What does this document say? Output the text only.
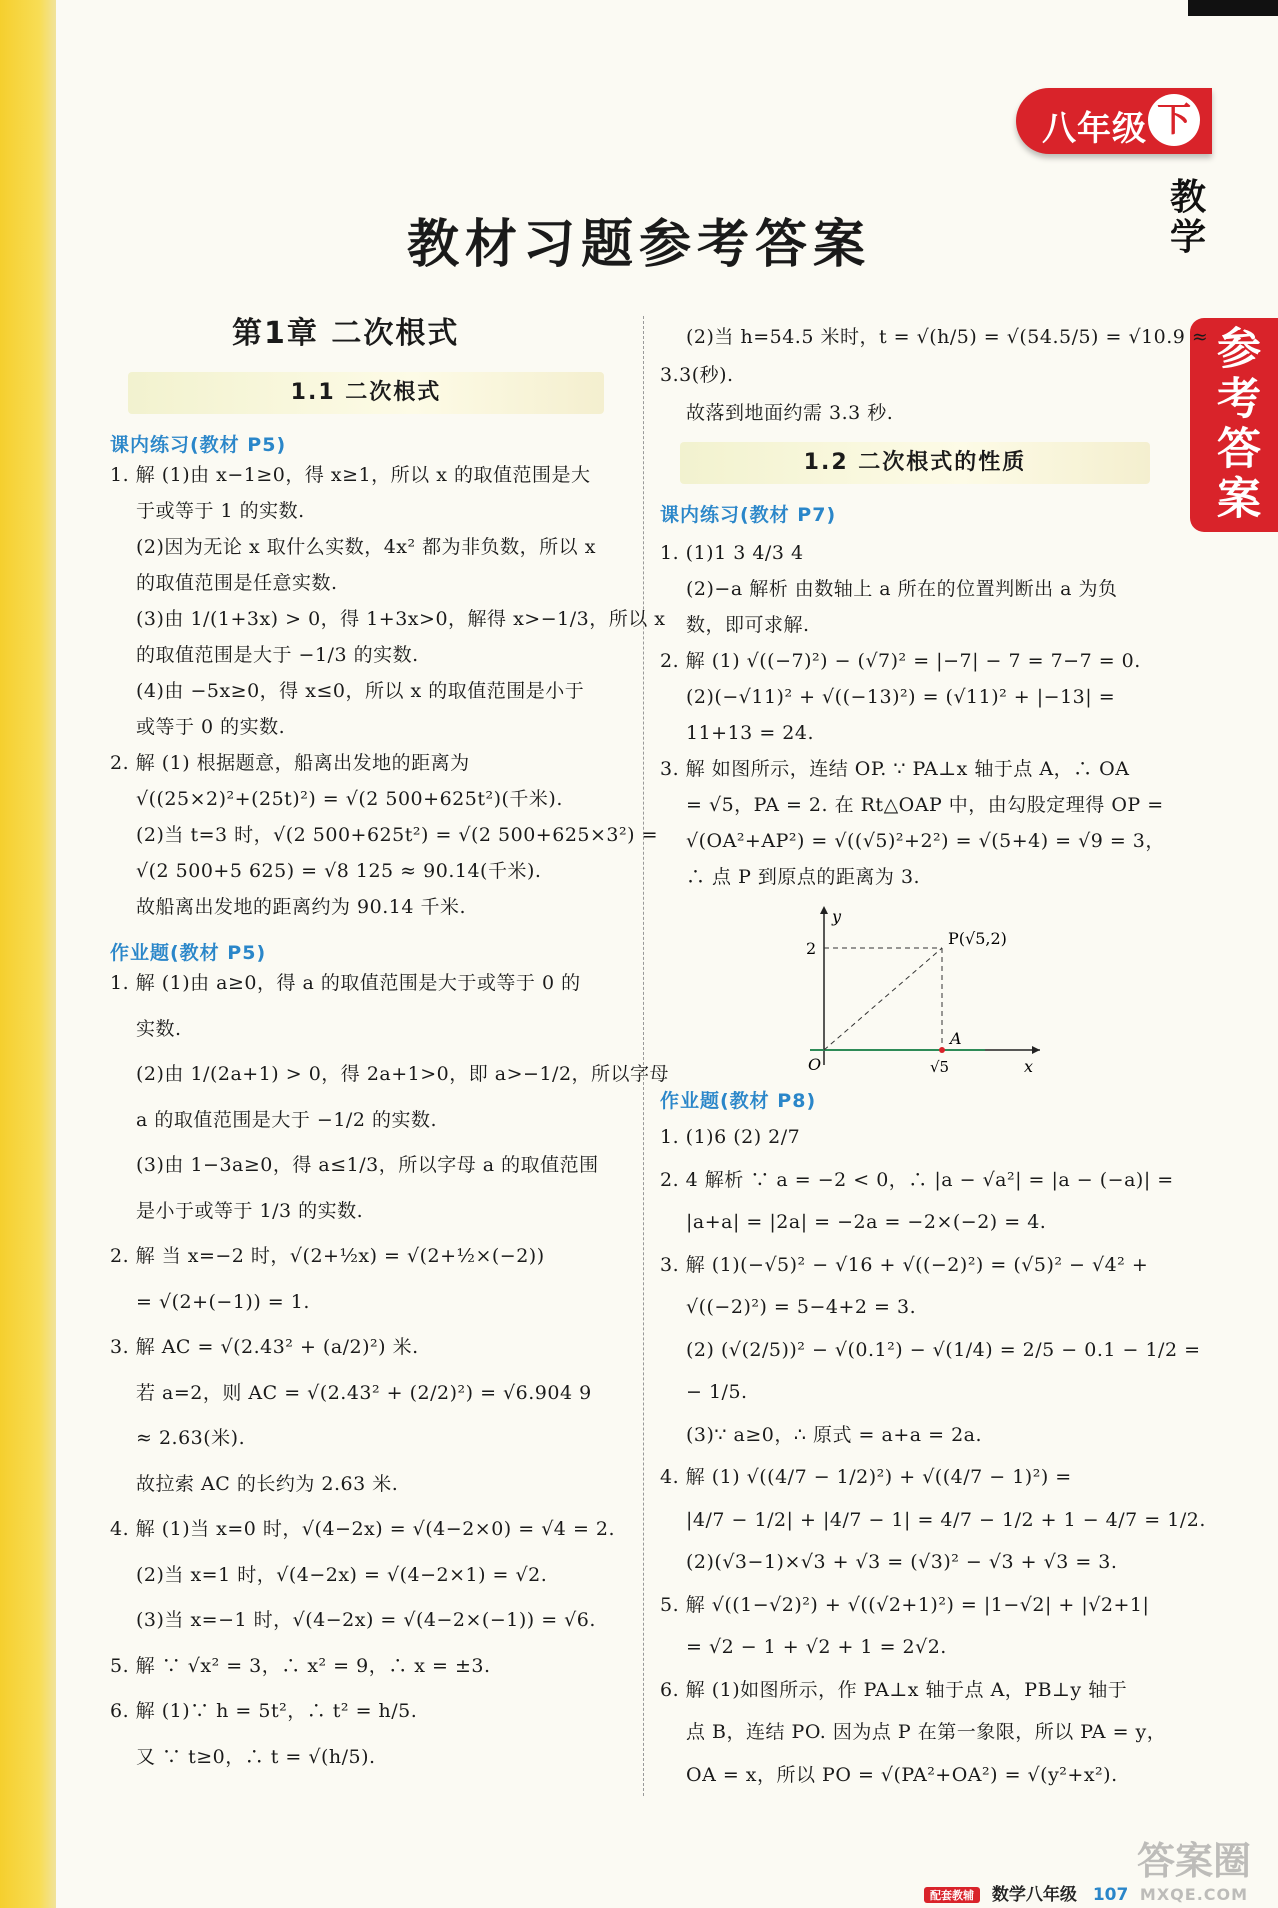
八年级 下
教学
参考答案
教材习题参考答案
第1章 二次根式
1.1 二次根式
课内练习(教材 P5)
1. 解 (1)由 x−1≥0，得 x≥1，所以 x 的取值范围是大
于或等于 1 的实数.
(2)因为无论 x 取什么实数，4x² 都为非负数，所以 x
的取值范围是任意实数.
(3)由 1/(1+3x) > 0，得 1+3x>0，解得 x>−1/3，所以 x
的取值范围是大于 −1/3 的实数.
(4)由 −5x≥0，得 x≤0，所以 x 的取值范围是小于
或等于 0 的实数.
2. 解 (1) 根据题意，船离出发地的距离为
√((25×2)²+(25t)²) = √(2 500+625t²)(千米).
(2)当 t=3 时，√(2 500+625t²) = √(2 500+625×3²) =
√(2 500+5 625) = √8 125 ≈ 90.14(千米).
故船离出发地的距离约为 90.14 千米.
作业题(教材 P5)
1. 解 (1)由 a≥0，得 a 的取值范围是大于或等于 0 的
实数.
(2)由 1/(2a+1) > 0，得 2a+1>0，即 a>−1/2，所以字母
a 的取值范围是大于 −1/2 的实数.
(3)由 1−3a≥0，得 a≤1/3，所以字母 a 的取值范围
是小于或等于 1/3 的实数.
2. 解 当 x=−2 时，√(2+½x) = √(2+½×(−2))
= √(2+(−1)) = 1.
3. 解 AC = √(2.43² + (a/2)²) 米.
若 a=2，则 AC = √(2.43² + (2/2)²) = √6.904 9
≈ 2.63(米).
故拉索 AC 的长约为 2.63 米.
4. 解 (1)当 x=0 时，√(4−2x) = √(4−2×0) = √4 = 2.
(2)当 x=1 时，√(4−2x) = √(4−2×1) = √2.
(3)当 x=−1 时，√(4−2x) = √(4−2×(−1)) = √6.
5. 解 ∵ √x² = 3，∴ x² = 9，∴ x = ±3.
6. 解 (1)∵ h = 5t²，∴ t² = h/5.
又 ∵ t≥0，∴ t = √(h/5).
(2)当 h=54.5 米时，t = √(h/5) = √(54.5/5) = √10.9 ≈
3.3(秒).
故落到地面约需 3.3 秒.
1.2 二次根式的性质
课内练习(教材 P7)
1. (1)1 3 4/3 4
(2)−a 解析 由数轴上 a 所在的位置判断出 a 为负
数，即可求解.
2. 解 (1) √((−7)²) − (√7)² = |−7| − 7 = 7−7 = 0.
(2)(−√11)² + √((−13)²) = (√11)² + |−13| =
11+13 = 24.
3. 解 如图所示，连结 OP. ∵ PA⊥x 轴于点 A，∴ OA
= √5，PA = 2. 在 Rt△OAP 中，由勾股定理得 OP =
√(OA²+AP²) = √((√5)²+2²) = √(5+4) = √9 = 3，
∴ 点 P 到原点的距离为 3.
y
2
P(√5,2)
A
O	√5	x
作业题(教材 P8)
1. (1)6 (2) 2/7
2. 4 解析 ∵ a = −2 < 0，∴ |a − √a²| = |a − (−a)| =
|a+a| = |2a| = −2a = −2×(−2) = 4.
3. 解 (1)(−√5)² − √16 + √((−2)²) = (√5)² − √4² +
√((−2)²) = 5−4+2 = 3.
(2) (√(2/5))² − √(0.1²) − √(1/4) = 2/5 − 0.1 − 1/2 =
− 1/5.
(3)∵ a≥0，∴ 原式 = a+a = 2a.
4. 解 (1) √((4/7 − 1/2)²) + √((4/7 − 1)²) =
|4/7 − 1/2| + |4/7 − 1| = 4/7 − 1/2 + 1 − 4/7 = 1/2.
(2)(√3−1)×√3 + √3 = (√3)² − √3 + √3 = 3.
5. 解 √((1−√2)²) + √((√2+1)²) = |1−√2| + |√2+1|
= √2 − 1 + √2 + 1 = 2√2.
6. 解 (1)如图所示，作 PA⊥x 轴于点 A，PB⊥y 轴于
点 B，连结 PO. 因为点 P 在第一象限，所以 PA = y，
OA = x，所以 PO = √(PA²+OA²) = √(y²+x²).
配套教辅 数学八年级 107
答案圈
MXQE.COM
